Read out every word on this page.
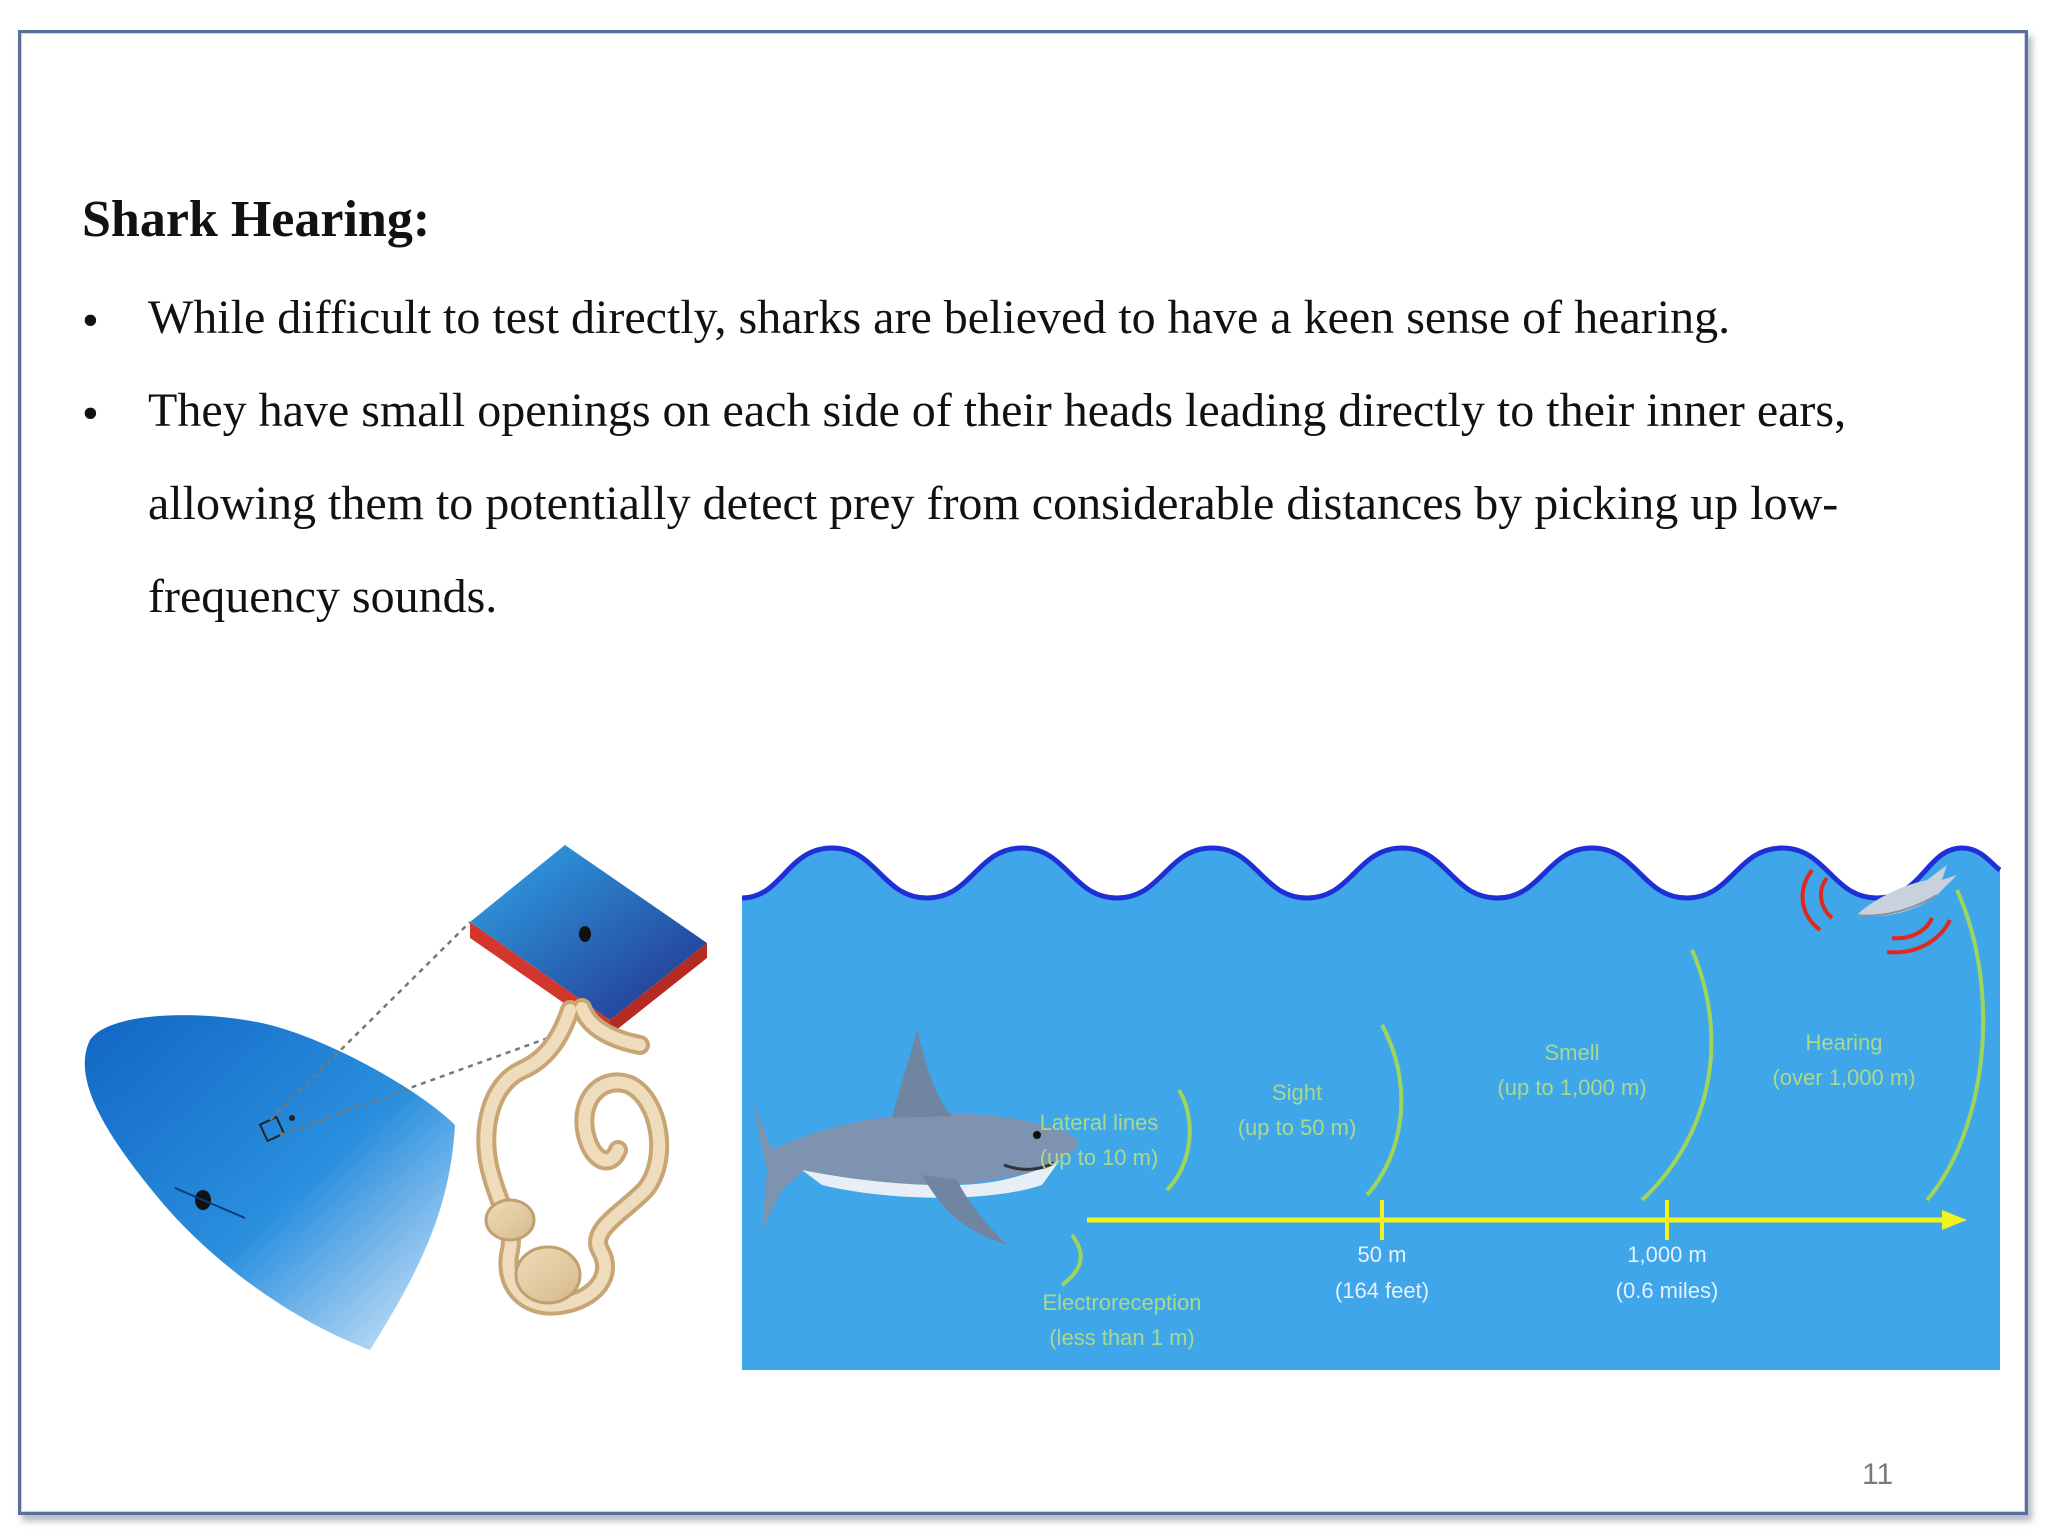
Shark Hearing:
• While difficult to test directly, sharks are believed to have a keen sense of hearing.
• They have small openings on each side of their heads leading directly to their inner ears,
allowing them to potentially detect prey from considerable distances by picking up low-
frequency sounds.
Lateral lines
(up to 10 m)
Sight
(up to 50 m)
Smell
(up to 1,000 m)
Hearing
(over 1,000 m)
Electroreception
(less than 1 m)
50 m
(164 feet)
1,000 m
(0.6 miles)
11
